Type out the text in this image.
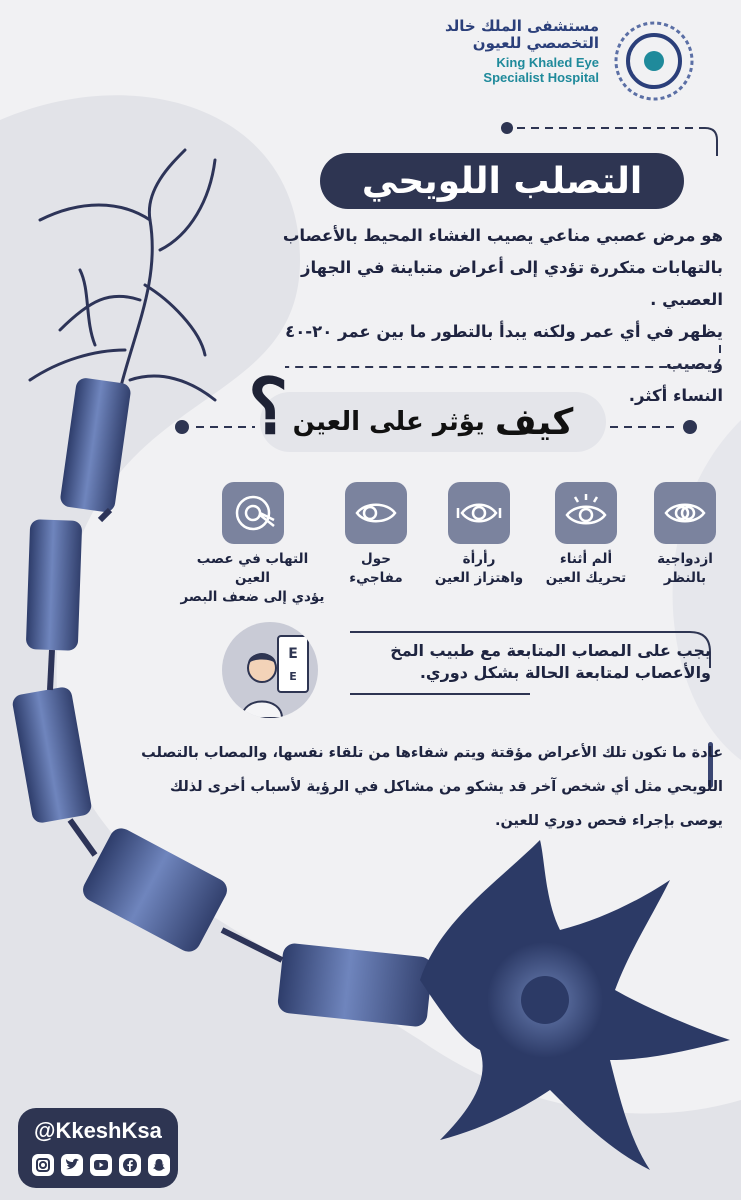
مستشفى الملك خالد التخصصي للعيون
King Khaled Eye
Specialist Hospital
التصلب اللويحي
هو مرض عصبي مناعي يصيب الغشاء المحيط بالأعصاب
بالتهابات متكررة تؤدي إلى أعراض متباينة في الجهاز العصبي .
يظهر في أي عمر ولكنه يبدأ بالتطور ما بين عمر ٢٠-٤٠ ويصيب
النساء أكثر.
كيف
يؤثر على العين
؟
ازدواجية
بالنظر
ألم أثناء
تحريك العين
رأرأة
واهتزاز العين
حول
مفاجيء
التهاب في عصب العين
يؤدي إلى ضعف البصر
E
E
يجب على المصاب المتابعة مع طبيب المخ
والأعصاب لمتابعة الحالة بشكل دوري.
عادة ما تكون تلك الأعراض مؤقتة ويتم شفاءها من تلقاء نفسها، والمصاب بالتصلب
اللويحي مثل أي شخص آخر قد يشكو من مشاكل في الرؤية لأسباب أخرى لذلك
يوصى بإجراء فحص دوري للعين.
@KkeshKsa
